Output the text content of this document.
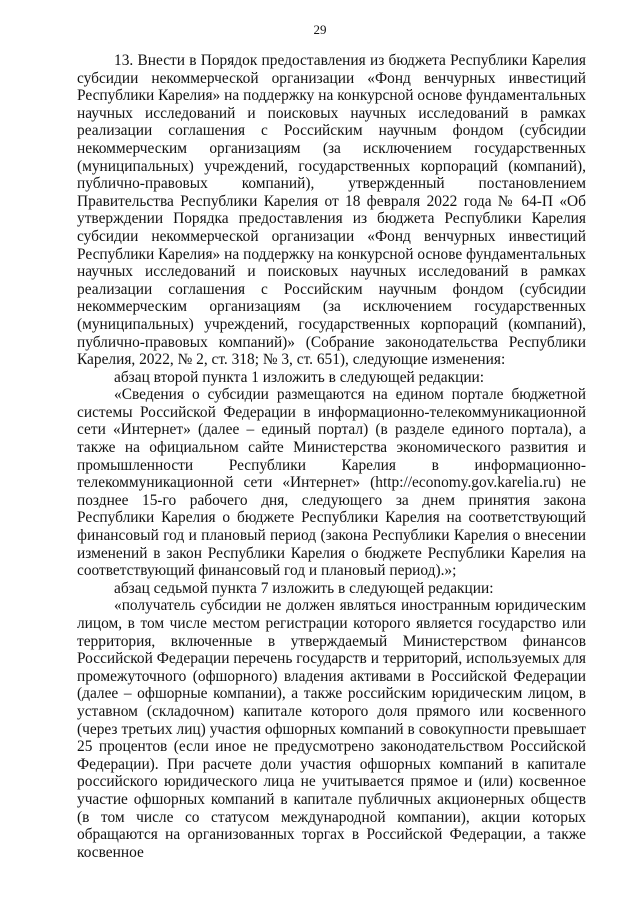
29

13. Внести в Порядок предоставления из бюджета Республики Карелия субсидии некоммерческой организации «Фонд венчурных инвестиций Республики Карелия» на поддержку на конкурсной основе фундаментальных научных исследований и поисковых научных исследований в рамках реализации соглашения с Российским научным фондом (субсидии некоммерческим организациям (за исключением государственных (муниципальных) учреждений, государственных корпораций (компаний), публично-правовых компаний), утвержденный постановлением Правительства Республики Карелия от 18 февраля 2022 года № 64-П «Об утверждении Порядка предоставления из бюджета Республики Карелия субсидии некоммерческой организации «Фонд венчурных инвестиций Республики Карелия» на поддержку на конкурсной основе фундаментальных научных исследований и поисковых научных исследований в рамках реализации соглашения с Российским научным фондом (субсидии некоммерческим организациям (за исключением государственных (муниципальных) учреждений, государственных корпораций (компаний), публично-правовых компаний)» (Собрание законодательства Республики Карелия, 2022, № 2, ст. 318; № 3, ст. 651), следующие изменения:

абзац второй пункта 1 изложить в следующей редакции:

«Сведения о субсидии размещаются на едином портале бюджетной системы Российской Федерации в информационно-телекоммуникационной сети «Интернет» (далее – единый портал) (в разделе единого портала), а также на официальном сайте Министерства экономического развития и промышленности Республики Карелия в информационно-телекоммуникационной сети «Интернет» (http://economy.gov.karelia.ru) не позднее 15-го рабочего дня, следующего за днем принятия закона Республики Карелия о бюджете Республики Карелия на соответствующий финансовый год и плановый период (закона Республики Карелия о внесении изменений в закон Республики Карелия о бюджете Республики Карелия на соответствующий финансовый год и плановый период).»;

абзац седьмой пункта 7 изложить в следующей редакции:

«получатель субсидии не должен являться иностранным юридическим лицом, в том числе местом регистрации которого является государство или территория, включенные в утверждаемый Министерством финансов Российской Федерации перечень государств и территорий, используемых для промежуточного (офшорного) владения активами в Российской Федерации (далее – офшорные компании), а также российским юридическим лицом, в уставном (складочном) капитале которого доля прямого или косвенного (через третьих лиц) участия офшорных компаний в совокупности превышает 25 процентов (если иное не предусмотрено законодательством Российской Федерации). При расчете доли участия офшорных компаний в капитале российского юридического лица не учитывается прямое и (или) косвенное участие офшорных компаний в капитале публичных акционерных обществ (в том числе со статусом международной компании), акции которых обращаются на организованных торгах в Российской Федерации, а также косвенное
